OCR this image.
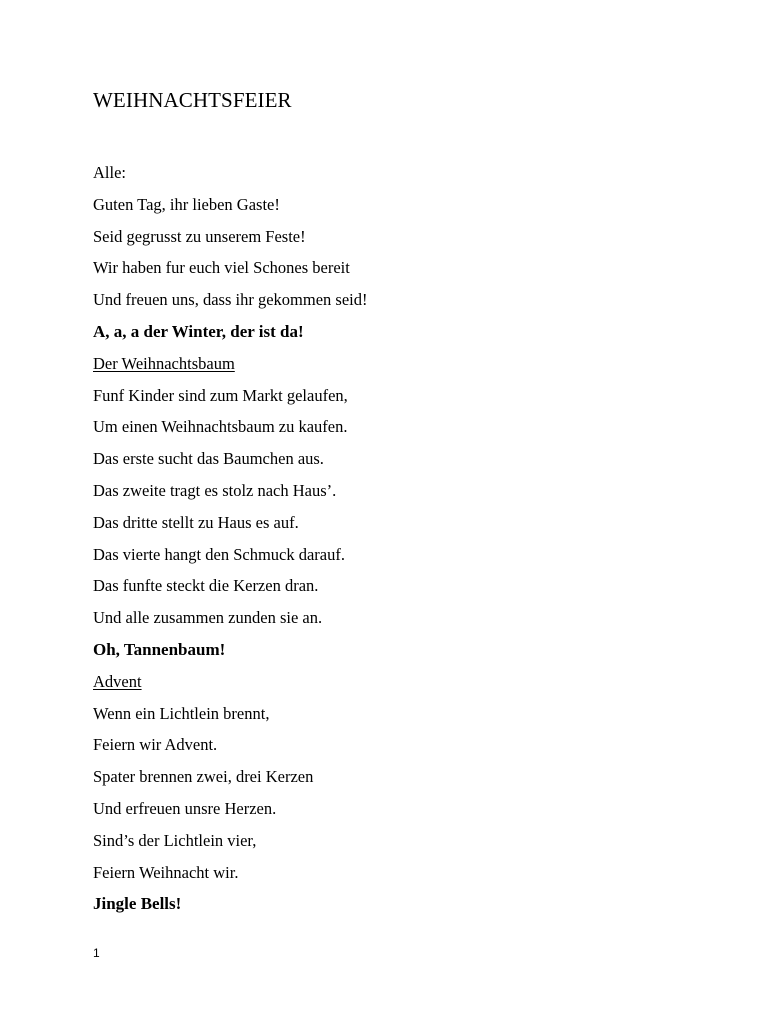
WEIHNACHTSFEIER
Alle:
Guten Tag, ihr lieben Gaste!
Seid gegrusst zu unserem Feste!
Wir haben fur euch viel Schones bereit
Und freuen uns, dass ihr gekommen seid!
A, a, a der Winter, der ist da!
Der Weihnachtsbaum
Funf Kinder sind zum Markt gelaufen,
Um einen Weihnachtsbaum zu kaufen.
Das erste sucht das Baumchen aus.
Das zweite tragt es stolz nach Haus’.
Das dritte stellt zu Haus es auf.
Das vierte hangt den Schmuck darauf.
Das funfte steckt die Kerzen dran.
Und alle zusammen zunden sie an.
Oh, Tannenbaum!
Advent
Wenn ein Lichtlein brennt,
Feiern wir Advent.
Spater brennen zwei, drei Kerzen
Und erfreuen unsre Herzen.
Sind’s der Lichtlein vier,
Feiern Weihnacht wir.
Jingle Bells!
1
